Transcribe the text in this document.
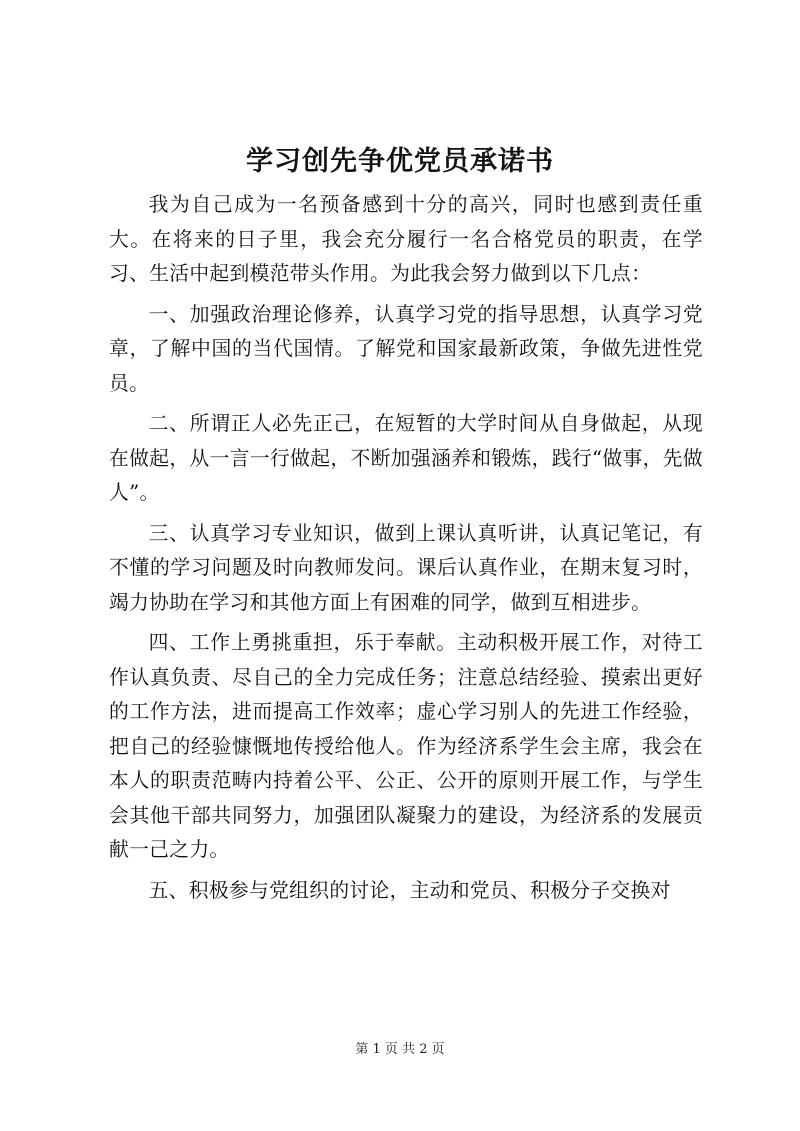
学习创先争优党员承诺书

我为自己成为一名预备感到十分的高兴，同时也感到责任重大。在将来的日子里，我会充分履行一名合格党员的职责，在学习、生活中起到模范带头作用。为此我会努力做到以下几点：

一、加强政治理论修养，认真学习党的指导思想，认真学习党章，了解中国的当代国情。了解党和国家最新政策，争做先进性党员。

二、所谓正人必先正己，在短暂的大学时间从自身做起，从现在做起，从一言一行做起，不断加强涵养和锻炼，践行“做事，先做人”。

三、认真学习专业知识，做到上课认真听讲，认真记笔记，有不懂的学习问题及时向教师发问。课后认真作业，在期末复习时，竭力协助在学习和其他方面上有困难的同学，做到互相进步。

四、工作上勇挑重担，乐于奉献。主动积极开展工作，对待工作认真负责、尽自己的全力完成任务；注意总结经验、摸索出更好的工作方法，进而提高工作效率；虚心学习别人的先进工作经验，把自己的经验慷慨地传授给他人。作为经济系学生会主席，我会在本人的职责范畴内持着公平、公正、公开的原则开展工作，与学生会其他干部共同努力，加强团队凝聚力的建设，为经济系的发展贡献一己之力。

五、积极参与党组织的讨论，主动和党员、积极分子交换对

第 1 页 共 2 页
